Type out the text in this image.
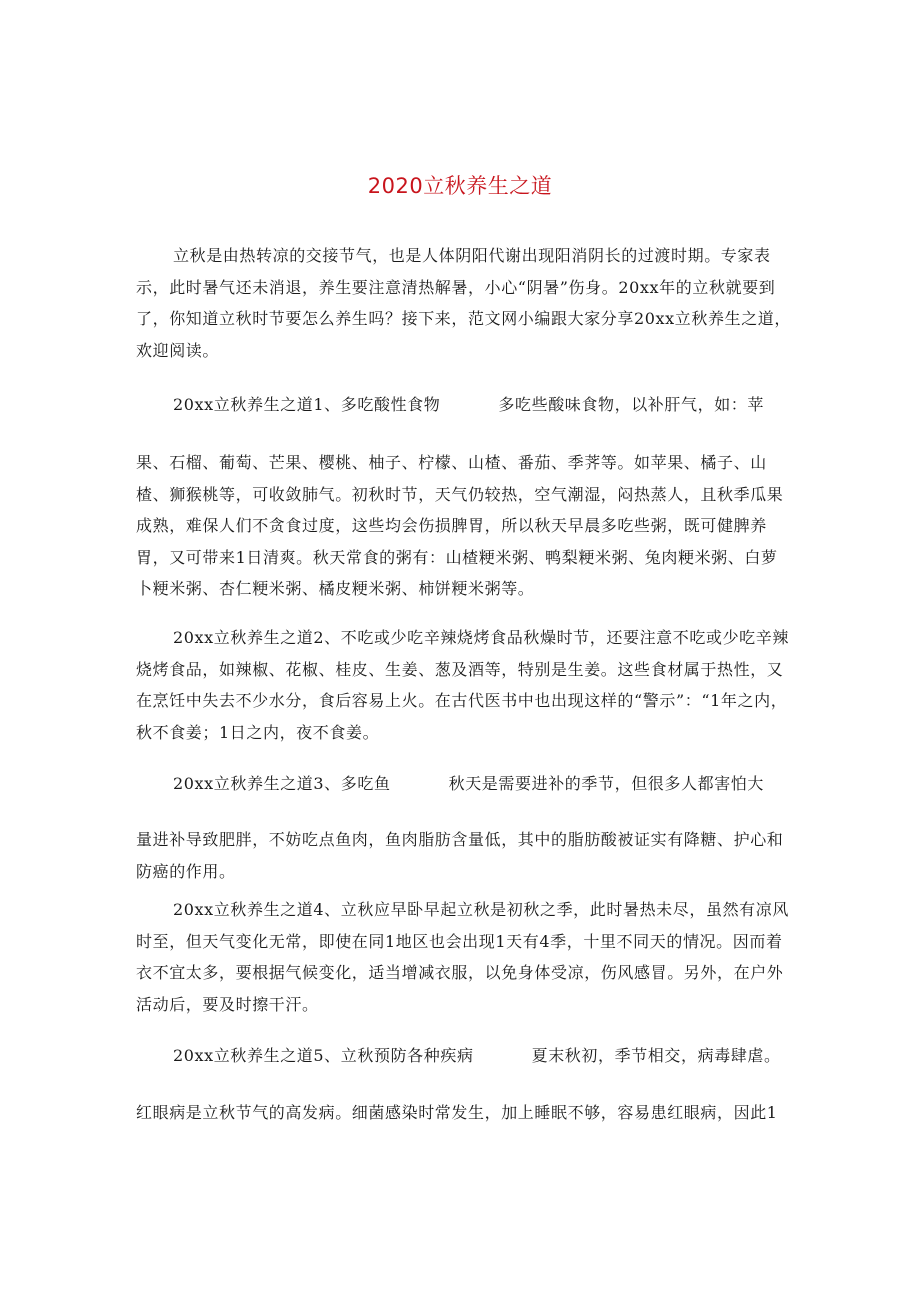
2020立秋养生之道

立秋是由热转凉的交接节气，也是人体阴阳代谢出现阳消阴长的过渡时期。专家表示，此时暑气还未消退，养生要注意清热解暑，小心“阴暑”伤身。20xx年的立秋就要到了，你知道立秋时节要怎么养生吗？接下来，范文网小编跟大家分享20xx立秋养生之道，欢迎阅读。

20xx立秋养生之道1、多吃酸性食物	多吃些酸味食物，以补肝气，如：苹

果、石榴、葡萄、芒果、樱桃、柚子、柠檬、山楂、番茄、季荠等。如苹果、橘子、山楂、狮猴桃等，可收敛肺气。初秋时节，天气仍较热，空气潮湿，闷热蒸人，且秋季瓜果成熟，难保人们不贪食过度，这些均会伤损脾胃，所以秋天早晨多吃些粥，既可健脾养胃，又可带来1日清爽。秋天常食的粥有：山楂粳米粥、鸭梨粳米粥、兔肉粳米粥、白萝卜粳米粥、杏仁粳米粥、橘皮粳米粥、柿饼粳米粥等。

20xx立秋养生之道2、不吃或少吃辛辣烧烤食品秋燥时节，还要注意不吃或少吃辛辣烧烤食品，如辣椒、花椒、桂皮、生姜、葱及酒等，特别是生姜。这些食材属于热性，又在烹饪中失去不少水分，食后容易上火。在古代医书中也出现这样的“警示”：“1年之内，秋不食姜；1日之内，夜不食姜。

20xx立秋养生之道3、多吃鱼	秋天是需要进补的季节，但很多人都害怕大

量进补导致肥胖，不妨吃点鱼肉，鱼肉脂肪含量低，其中的脂肪酸被证实有降糖、护心和防癌的作用。

20xx立秋养生之道4、立秋应早卧早起立秋是初秋之季，此时暑热未尽，虽然有凉风时至，但天气变化无常，即使在同1地区也会出现1天有4季，十里不同天的情况。因而着衣不宜太多，要根据气候变化，适当增减衣服，以免身体受凉，伤风感冒。另外，在户外活动后，要及时擦干汗。

20xx立秋养生之道5、立秋预防各种疾病	夏末秋初，季节相交，病毒肆虐。

红眼病是立秋节气的高发病。细菌感染时常发生，加上睡眠不够，容易患红眼病，因此1
